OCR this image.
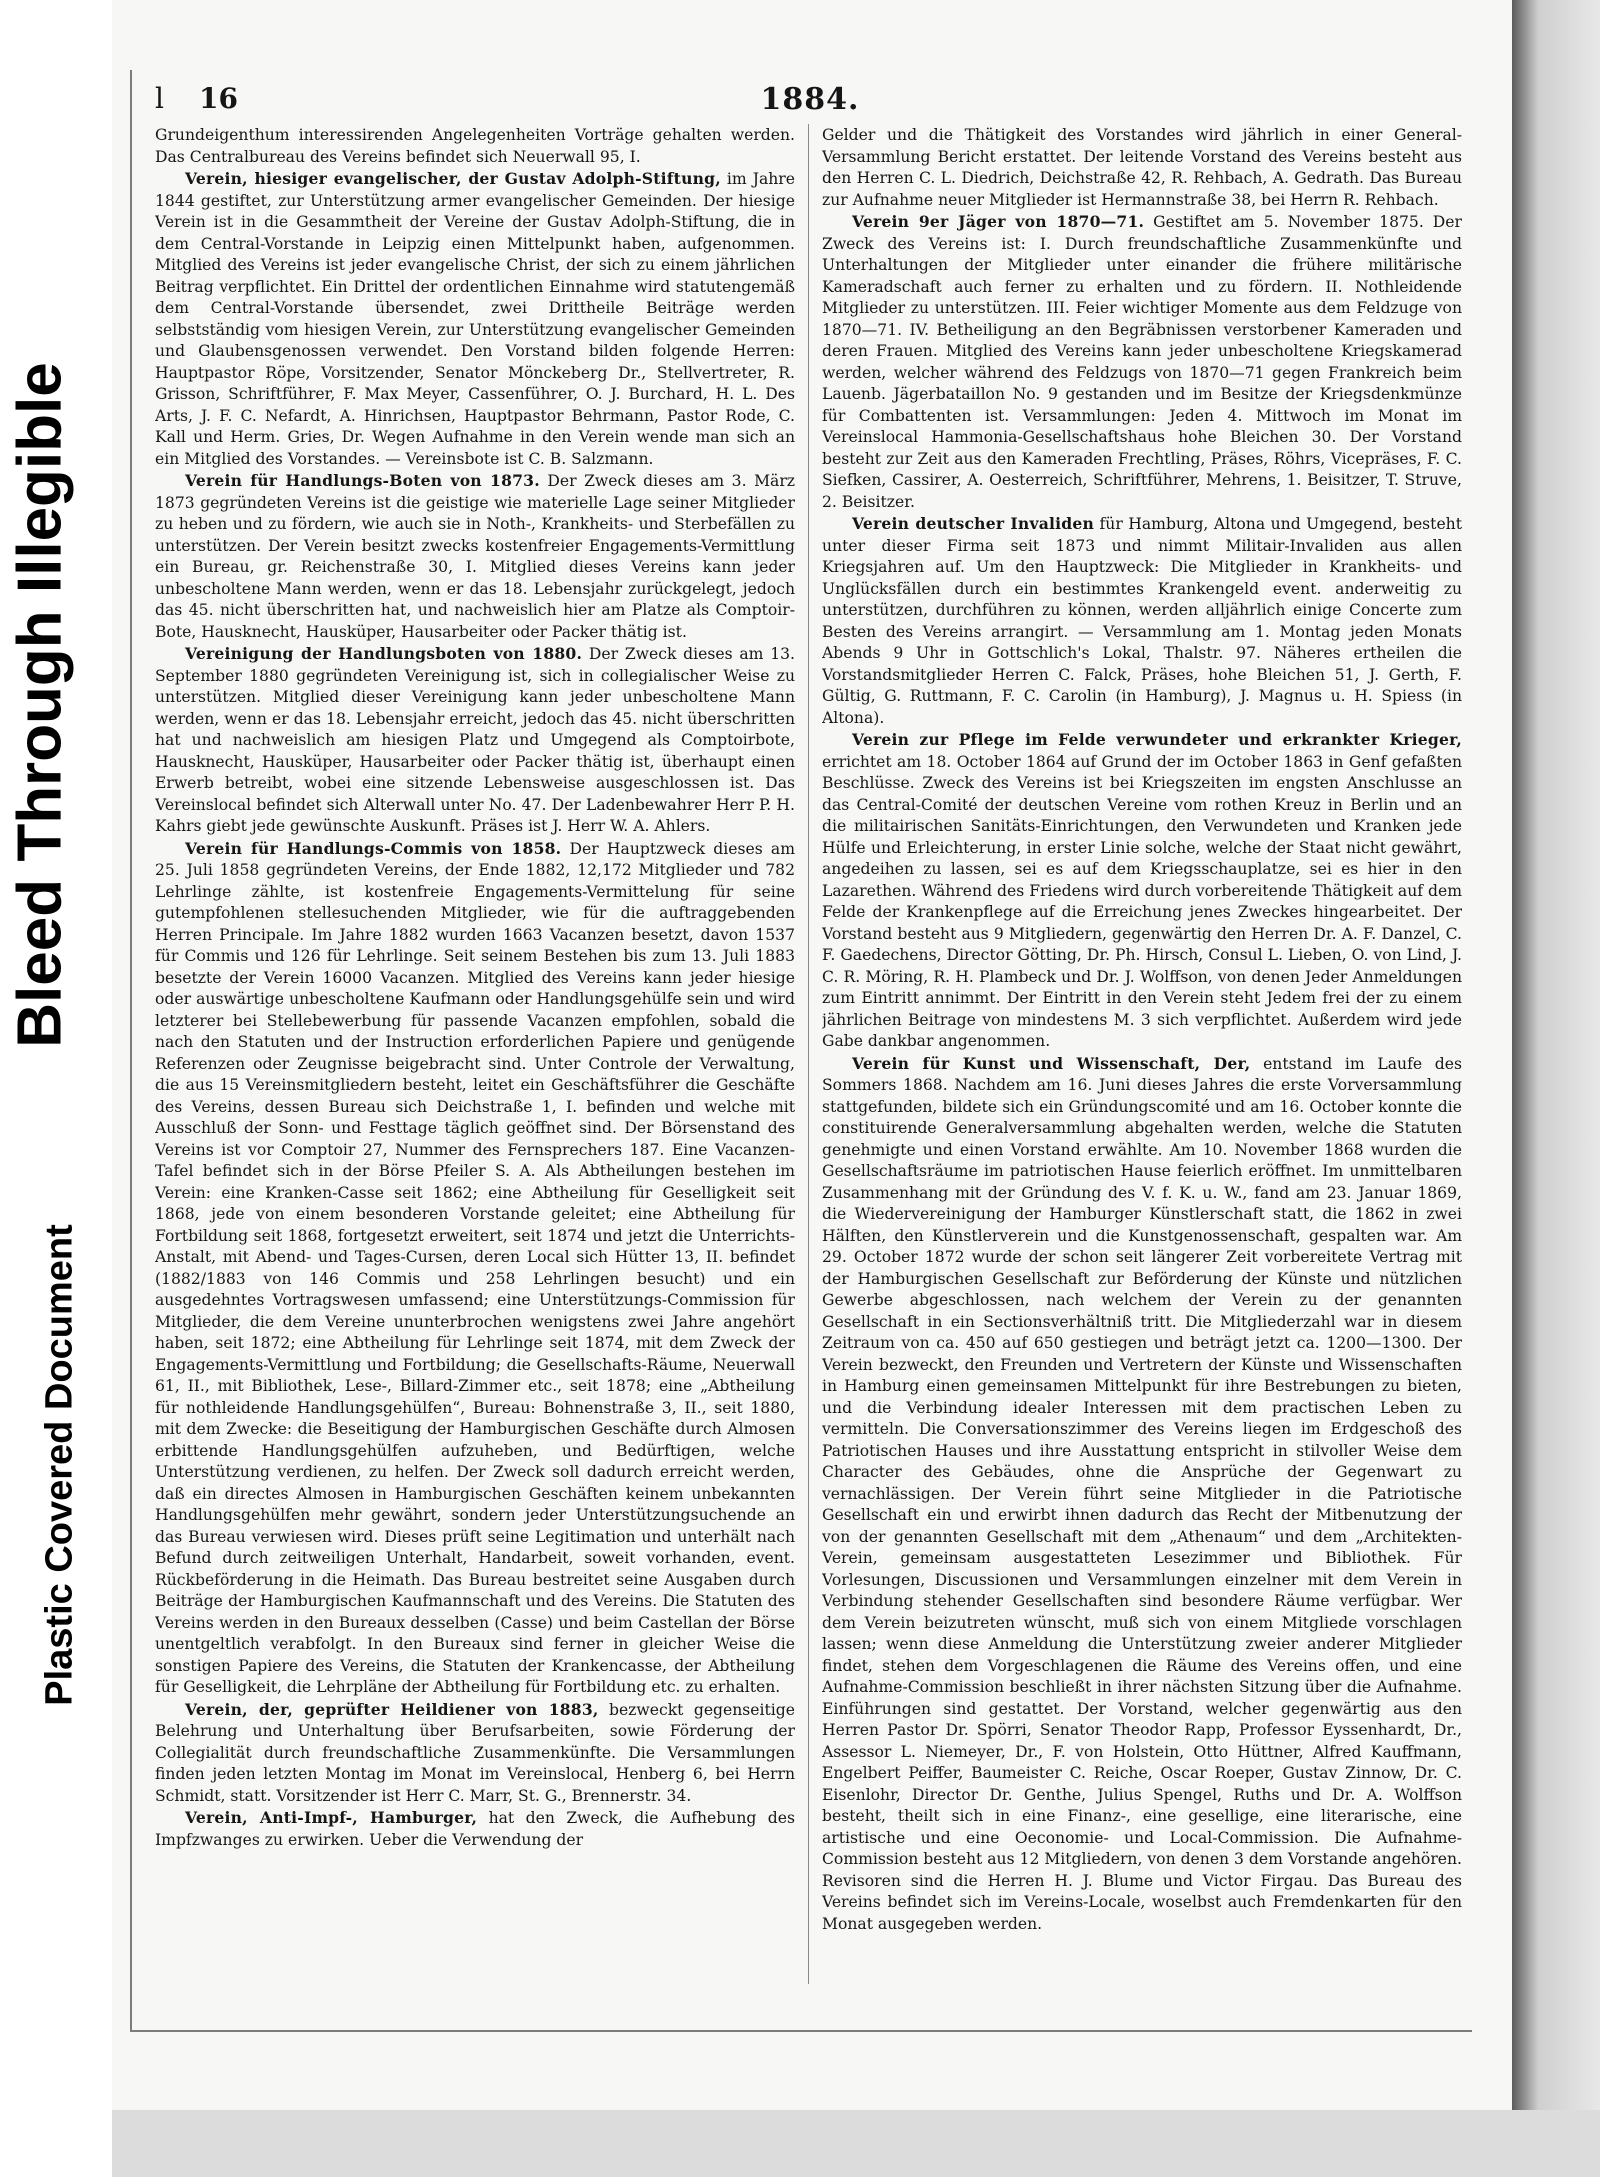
Bleed Through Illegible
Plastic Covered Document
l 16	1884.

Grundeigenthum interessirenden Angelegenheiten Vorträge gehalten werden. Das Centralbureau des Vereins befindet sich Neuerwall 95, I.

Verein, hiesiger evangelischer, der Gustav Adolph-Stiftung, im Jahre 1844 gestiftet, zur Unterstützung armer evangelischer Gemeinden. Der hiesige Verein ist in die Gesammtheit der Vereine der Gustav Adolph-Stiftung, die in dem Central-Vorstande in Leipzig einen Mittelpunkt haben, aufgenommen. Mitglied des Vereins ist jeder evangelische Christ, der sich zu einem jährlichen Beitrag verpflichtet. Ein Drittel der ordentlichen Einnahme wird statutengemäß dem Central-Vorstande übersendet, zwei Drittheile Beiträge werden selbstständig vom hiesigen Verein, zur Unterstützung evangelischer Gemeinden und Glaubensgenossen verwendet. Den Vorstand bilden folgende Herren: Hauptpastor Röpe, Vorsitzender, Senator Mönckeberg Dr., Stellvertreter, R. Grisson, Schriftführer, F. Max Meyer, Cassenführer, O. J. Burchard, H. L. Des Arts, J. F. C. Nefardt, A. Hinrichsen, Hauptpastor Behrmann, Pastor Rode, C. Kall und Herm. Gries, Dr. Wegen Aufnahme in den Verein wende man sich an ein Mitglied des Vorstandes. — Vereinsbote ist C. B. Salzmann.

Verein für Handlungs-Boten von 1873. Der Zweck dieses am 3. März 1873 gegründeten Vereins ist die geistige wie materielle Lage seiner Mitglieder zu heben und zu fördern, wie auch sie in Noth-, Krankheits- und Sterbefällen zu unterstützen. Der Verein besitzt zwecks kostenfreier Engagements-Vermittlung ein Bureau, gr. Reichenstraße 30, I. Mitglied dieses Vereins kann jeder unbescholtene Mann werden, wenn er das 18. Lebensjahr zurückgelegt, jedoch das 45. nicht überschritten hat, und nachweislich hier am Platze als Comptoir-Bote, Hausknecht, Hausküper, Hausarbeiter oder Packer thätig ist.

Vereinigung der Handlungsboten von 1880. Der Zweck dieses am 13. September 1880 gegründeten Vereinigung ist, sich in collegialischer Weise zu unterstützen. Mitglied dieser Vereinigung kann jeder unbescholtene Mann werden, wenn er das 18. Lebensjahr erreicht, jedoch das 45. nicht überschritten hat und nachweislich am hiesigen Platz und Umgegend als Comptoirbote, Hausknecht, Hausküper, Hausarbeiter oder Packer thätig ist, überhaupt einen Erwerb betreibt, wobei eine sitzende Lebensweise ausgeschlossen ist. Das Vereinslocal befindet sich Alterwall unter No. 47. Der Ladenbewahrer Herr P. H. Kahrs giebt jede gewünschte Auskunft. Präses ist J. Herr W. A. Ahlers.

Verein für Handlungs-Commis von 1858. Der Hauptzweck dieses am 25. Juli 1858 gegründeten Vereins, der Ende 1882, 12,172 Mitglieder und 782 Lehrlinge zählte, ist kostenfreie Engagements-Vermittelung für seine gutempfohlenen stellesuchenden Mitglieder, wie für die auftraggebenden Herren Principale. Im Jahre 1882 wurden 1663 Vacanzen besetzt, davon 1537 für Commis und 126 für Lehrlinge. Seit seinem Bestehen bis zum 13. Juli 1883 besetzte der Verein 16000 Vacanzen. Mitglied des Vereins kann jeder hiesige oder auswärtige unbescholtene Kaufmann oder Handlungsgehülfe sein und wird letzterer bei Stellebewerbung für passende Vacanzen empfohlen, sobald die nach den Statuten und der Instruction erforderlichen Papiere und genügende Referenzen oder Zeugnisse beigebracht sind. Unter Controle der Verwaltung, die aus 15 Vereinsmitgliedern besteht, leitet ein Geschäftsführer die Geschäfte des Vereins, dessen Bureau sich Deichstraße 1, I. befinden und welche mit Ausschluß der Sonn- und Festtage täglich geöffnet sind. Der Börsenstand des Vereins ist vor Comptoir 27, Nummer des Fernsprechers 187. Eine Vacanzen-Tafel befindet sich in der Börse Pfeiler S. A. Als Abtheilungen bestehen im Verein: eine Kranken-Casse seit 1862; eine Abtheilung für Geselligkeit seit 1868, jede von einem besonderen Vorstande geleitet; eine Abtheilung für Fortbildung seit 1868, fortgesetzt erweitert, seit 1874 und jetzt die Unterrichts-Anstalt, mit Abend- und Tages-Cursen, deren Local sich Hütter 13, II. befindet (1882/1883 von 146 Commis und 258 Lehrlingen besucht) und ein ausgedehntes Vortragswesen umfassend; eine Unterstützungs-Commission für Mitglieder, die dem Vereine ununterbrochen wenigstens zwei Jahre angehört haben, seit 1872; eine Abtheilung für Lehrlinge seit 1874, mit dem Zweck der Engagements-Vermittlung und Fortbildung; die Gesellschafts-Räume, Neuerwall 61, II., mit Bibliothek, Lese-, Billard-Zimmer etc., seit 1878; eine „Abtheilung für nothleidende Handlungsgehülfen“, Bureau: Bohnenstraße 3, II., seit 1880, mit dem Zwecke: die Beseitigung der Hamburgischen Geschäfte durch Almosen erbittende Handlungsgehülfen aufzuheben, und Bedürftigen, welche Unterstützung verdienen, zu helfen. Der Zweck soll dadurch erreicht werden, daß ein directes Almosen in Hamburgischen Geschäften keinem unbekannten Handlungsgehülfen mehr gewährt, sondern jeder Unterstützungsuchende an das Bureau verwiesen wird. Dieses prüft seine Legitimation und unterhält nach Befund durch zeitweiligen Unterhalt, Handarbeit, soweit vorhanden, event. Rückbeförderung in die Heimath. Das Bureau bestreitet seine Ausgaben durch Beiträge der Hamburgischen Kaufmannschaft und des Vereins. Die Statuten des Vereins werden in den Bureaux desselben (Casse) und beim Castellan der Börse unentgeltlich verabfolgt. In den Bureaux sind ferner in gleicher Weise die sonstigen Papiere des Vereins, die Statuten der Krankencasse, der Abtheilung für Geselligkeit, die Lehrpläne der Abtheilung für Fortbildung etc. zu erhalten.

Verein, der, geprüfter Heildiener von 1883, bezweckt gegenseitige Belehrung und Unterhaltung über Berufsarbeiten, sowie Förderung der Collegialität durch freundschaftliche Zusammenkünfte. Die Versammlungen finden jeden letzten Montag im Monat im Vereinslocal, Henberg 6, bei Herrn Schmidt, statt. Vorsitzender ist Herr C. Marr, St. G., Brennerstr. 34.

Verein, Anti-Impf-, Hamburger, hat den Zweck, die Aufhebung des Impfzwanges zu erwirken. Ueber die Verwendung der

Gelder und die Thätigkeit des Vorstandes wird jährlich in einer General-Versammlung Bericht erstattet. Der leitende Vorstand des Vereins besteht aus den Herren C. L. Diedrich, Deichstraße 42, R. Rehbach, A. Gedrath. Das Bureau zur Aufnahme neuer Mitglieder ist Hermannstraße 38, bei Herrn R. Rehbach.

Verein 9er Jäger von 1870—71. Gestiftet am 5. November 1875. Der Zweck des Vereins ist: I. Durch freundschaftliche Zusammenkünfte und Unterhaltungen der Mitglieder unter einander die frühere militärische Kameradschaft auch ferner zu erhalten und zu fördern. II. Nothleidende Mitglieder zu unterstützen. III. Feier wichtiger Momente aus dem Feldzuge von 1870—71. IV. Betheiligung an den Begräbnissen verstorbener Kameraden und deren Frauen. Mitglied des Vereins kann jeder unbescholtene Kriegskamerad werden, welcher während des Feldzugs von 1870—71 gegen Frankreich beim Lauenb. Jägerbataillon No. 9 gestanden und im Besitze der Kriegsdenkmünze für Combattenten ist. Versammlungen: Jeden 4. Mittwoch im Monat im Vereinslocal Hammonia-Gesellschaftshaus hohe Bleichen 30. Der Vorstand besteht zur Zeit aus den Kameraden Frechtling, Präses, Röhrs, Vicepräses, F. C. Siefken, Cassirer, A. Oesterreich, Schriftführer, Mehrens, 1. Beisitzer, T. Struve, 2. Beisitzer.

Verein deutscher Invaliden für Hamburg, Altona und Umgegend, besteht unter dieser Firma seit 1873 und nimmt Militair-Invaliden aus allen Kriegsjahren auf. Um den Hauptzweck: Die Mitglieder in Krankheits- und Unglücksfällen durch ein bestimmtes Krankengeld event. anderweitig zu unterstützen, durchführen zu können, werden alljährlich einige Concerte zum Besten des Vereins arrangirt. — Versammlung am 1. Montag jeden Monats Abends 9 Uhr in Gottschlich's Lokal, Thalstr. 97. Näheres ertheilen die Vorstandsmitglieder Herren C. Falck, Präses, hohe Bleichen 51, J. Gerth, F. Gültig, G. Ruttmann, F. C. Carolin (in Hamburg), J. Magnus u. H. Spiess (in Altona).

Verein zur Pflege im Felde verwundeter und erkrankter Krieger, errichtet am 18. October 1864 auf Grund der im October 1863 in Genf gefaßten Beschlüsse. Zweck des Vereins ist bei Kriegszeiten im engsten Anschlusse an das Central-Comité der deutschen Vereine vom rothen Kreuz in Berlin und an die militairischen Sanitäts-Einrichtungen, den Verwundeten und Kranken jede Hülfe und Erleichterung, in erster Linie solche, welche der Staat nicht gewährt, angedeihen zu lassen, sei es auf dem Kriegsschauplatze, sei es hier in den Lazarethen. Während des Friedens wird durch vorbereitende Thätigkeit auf dem Felde der Krankenpflege auf die Erreichung jenes Zweckes hingearbeitet. Der Vorstand besteht aus 9 Mitgliedern, gegenwärtig den Herren Dr. A. F. Danzel, C. F. Gaedechens, Director Götting, Dr. Ph. Hirsch, Consul L. Lieben, O. von Lind, J. C. R. Möring, R. H. Plambeck und Dr. J. Wolffson, von denen Jeder Anmeldungen zum Eintritt annimmt. Der Eintritt in den Verein steht Jedem frei der zu einem jährlichen Beitrage von mindestens M. 3 sich verpflichtet. Außerdem wird jede Gabe dankbar angenommen.

Verein für Kunst und Wissenschaft, Der, entstand im Laufe des Sommers 1868. Nachdem am 16. Juni dieses Jahres die erste Vorversammlung stattgefunden, bildete sich ein Gründungscomité und am 16. October konnte die constituirende Generalversammlung abgehalten werden, welche die Statuten genehmigte und einen Vorstand erwählte. Am 10. November 1868 wurden die Gesellschaftsräume im patriotischen Hause feierlich eröffnet. Im unmittelbaren Zusammenhang mit der Gründung des V. f. K. u. W., fand am 23. Januar 1869, die Wiedervereinigung der Hamburger Künstlerschaft statt, die 1862 in zwei Hälften, den Künstlerverein und die Kunstgenossenschaft, gespalten war. Am 29. October 1872 wurde der schon seit längerer Zeit vorbereitete Vertrag mit der Hamburgischen Gesellschaft zur Beförderung der Künste und nützlichen Gewerbe abgeschlossen, nach welchem der Verein zu der genannten Gesellschaft in ein Sectionsverhältniß tritt. Die Mitgliederzahl war in diesem Zeitraum von ca. 450 auf 650 gestiegen und beträgt jetzt ca. 1200—1300. Der Verein bezweckt, den Freunden und Vertretern der Künste und Wissenschaften in Hamburg einen gemeinsamen Mittelpunkt für ihre Bestrebungen zu bieten, und die Verbindung idealer Interessen mit dem practischen Leben zu vermitteln. Die Conversationszimmer des Vereins liegen im Erdgeschoß des Patriotischen Hauses und ihre Ausstattung entspricht in stilvoller Weise dem Character des Gebäudes, ohne die Ansprüche der Gegenwart zu vernachlässigen. Der Verein führt seine Mitglieder in die Patriotische Gesellschaft ein und erwirbt ihnen dadurch das Recht der Mitbenutzung der von der genannten Gesellschaft mit dem „Athenaum“ und dem „Architekten-Verein, gemeinsam ausgestatteten Lesezimmer und Bibliothek. Für Vorlesungen, Discussionen und Versammlungen einzelner mit dem Verein in Verbindung stehender Gesellschaften sind besondere Räume verfügbar. Wer dem Verein beizutreten wünscht, muß sich von einem Mitgliede vorschlagen lassen; wenn diese Anmeldung die Unterstützung zweier anderer Mitglieder findet, stehen dem Vorgeschlagenen die Räume des Vereins offen, und eine Aufnahme-Commission beschließt in ihrer nächsten Sitzung über die Aufnahme. Einführungen sind gestattet. Der Vorstand, welcher gegenwärtig aus den Herren Pastor Dr. Spörri, Senator Theodor Rapp, Professor Eyssenhardt, Dr., Assessor L. Niemeyer, Dr., F. von Holstein, Otto Hüttner, Alfred Kauffmann, Engelbert Peiffer, Baumeister C. Reiche, Oscar Roeper, Gustav Zinnow, Dr. C. Eisenlohr, Director Dr. Genthe, Julius Spengel, Ruths und Dr. A. Wolffson besteht, theilt sich in eine Finanz-, eine gesellige, eine literarische, eine artistische und eine Oeconomie- und Local-Commission. Die Aufnahme-Commission besteht aus 12 Mitgliedern, von denen 3 dem Vorstande angehören. Revisoren sind die Herren H. J. Blume und Victor Firgau. Das Bureau des Vereins befindet sich im Vereins-Locale, woselbst auch Fremdenkarten für den Monat ausgegeben werden.
